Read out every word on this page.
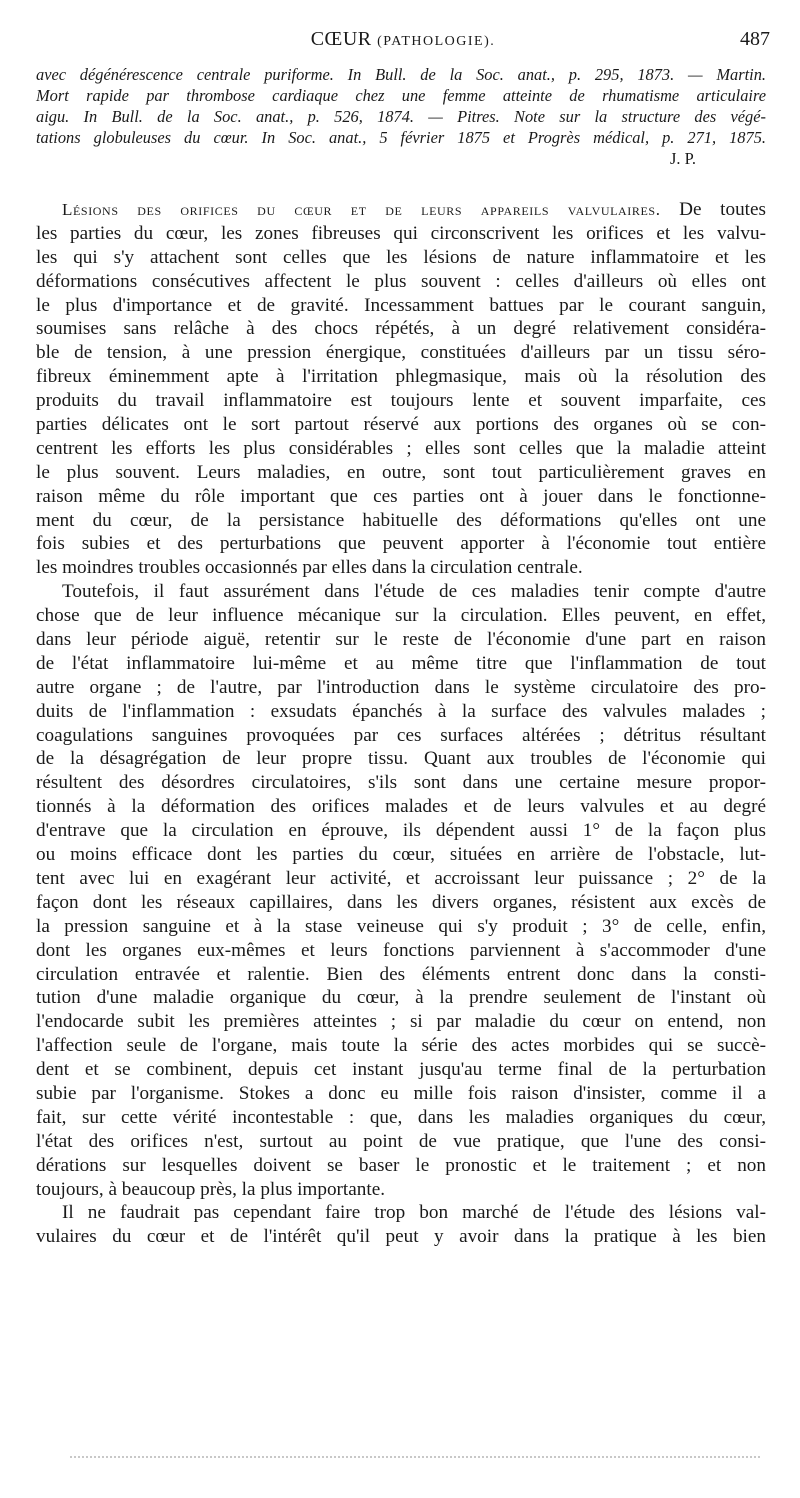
CŒUR (PATHOLOGIE).	487
avec dégénérescence centrale puriforme. In Bull. de la Soc. anat., p. 295, 1873. — Martin.
Mort rapide par thrombose cardiaque chez une femme atteinte de rhumatisme articulaire
aigu. In Bull. de la Soc. anat., p. 526, 1874. — Pitres. Note sur la structure des végé-
tations globuleuses du cœur. In Soc. anat., 5 février 1875 et Progrès médical, p. 271, 1875.
J. P.
Lésions des orifices du cœur et de leurs appareils valvulaires. De toutes
les parties du cœur, les zones fibreuses qui circonscrivent les orifices et les valvu-
les qui s'y attachent sont celles que les lésions de nature inflammatoire et les
déformations consécutives affectent le plus souvent : celles d'ailleurs où elles ont
le plus d'importance et de gravité. Incessamment battues par le courant sanguin,
soumises sans relâche à des chocs répétés, à un degré relativement considéra-
ble de tension, à une pression énergique, constituées d'ailleurs par un tissu séro-
fibreux éminemment apte à l'irritation phlegmasique, mais où la résolution des
produits du travail inflammatoire est toujours lente et souvent imparfaite, ces
parties délicates ont le sort partout réservé aux portions des organes où se con-
centrent les efforts les plus considérables ; elles sont celles que la maladie atteint
le plus souvent. Leurs maladies, en outre, sont tout particulièrement graves en
raison même du rôle important que ces parties ont à jouer dans le fonctionne-
ment du cœur, de la persistance habituelle des déformations qu'elles ont une
fois subies et des perturbations que peuvent apporter à l'économie tout entière
les moindres troubles occasionnés par elles dans la circulation centrale.
Toutefois, il faut assurément dans l'étude de ces maladies tenir compte d'autre
chose que de leur influence mécanique sur la circulation. Elles peuvent, en effet,
dans leur période aiguë, retentir sur le reste de l'économie d'une part en raison
de l'état inflammatoire lui-même et au même titre que l'inflammation de tout
autre organe ; de l'autre, par l'introduction dans le système circulatoire des pro-
duits de l'inflammation : exsudats épanchés à la surface des valvules malades ;
coagulations sanguines provoquées par ces surfaces altérées ; détritus résultant
de la désagrégation de leur propre tissu. Quant aux troubles de l'économie qui
résultent des désordres circulatoires, s'ils sont dans une certaine mesure propor-
tionnés à la déformation des orifices malades et de leurs valvules et au degré
d'entrave que la circulation en éprouve, ils dépendent aussi 1° de la façon plus
ou moins efficace dont les parties du cœur, situées en arrière de l'obstacle, lut-
tent avec lui en exagérant leur activité, et accroissant leur puissance ; 2° de la
façon dont les réseaux capillaires, dans les divers organes, résistent aux excès de
la pression sanguine et à la stase veineuse qui s'y produit ; 3° de celle, enfin,
dont les organes eux-mêmes et leurs fonctions parviennent à s'accommoder d'une
circulation entravée et ralentie. Bien des éléments entrent donc dans la consti-
tution d'une maladie organique du cœur, à la prendre seulement de l'instant où
l'endocarde subit les premières atteintes ; si par maladie du cœur on entend, non
l'affection seule de l'organe, mais toute la série des actes morbides qui se succè-
dent et se combinent, depuis cet instant jusqu'au terme final de la perturbation
subie par l'organisme. Stokes a donc eu mille fois raison d'insister, comme il a
fait, sur cette vérité incontestable : que, dans les maladies organiques du cœur,
l'état des orifices n'est, surtout au point de vue pratique, que l'une des consi-
dérations sur lesquelles doivent se baser le pronostic et le traitement ; et non
toujours, à beaucoup près, la plus importante.
Il ne faudrait pas cependant faire trop bon marché de l'étude des lésions val-
vulaires du cœur et de l'intérêt qu'il peut y avoir dans la pratique à les bien
